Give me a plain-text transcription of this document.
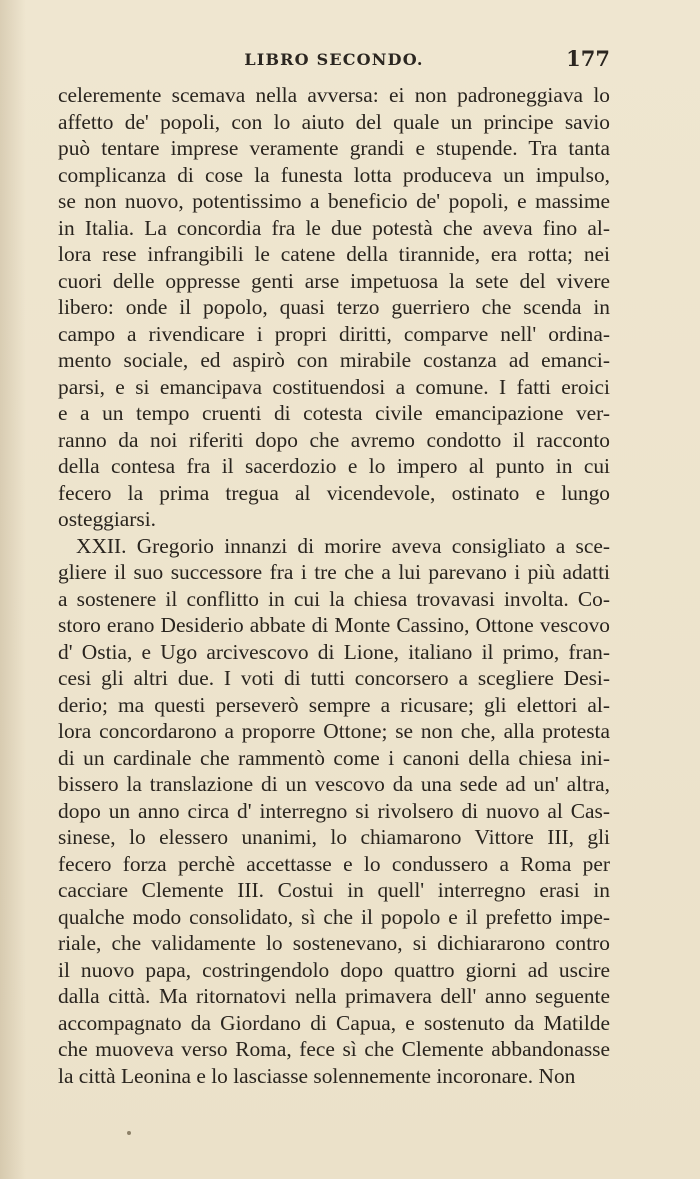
LIBRO SECONDO.	177
celeremente scemava nella avversa: ei non padroneggiava lo
affetto de' popoli, con lo aiuto del quale un principe savio
può tentare imprese veramente grandi e stupende. Tra tanta
complicanza di cose la funesta lotta produceva un impulso,
se non nuovo, potentissimo a beneficio de' popoli, e massime
in Italia. La concordia fra le due potestà che aveva fino al-
lora rese infrangibili le catene della tirannide, era rotta; nei
cuori delle oppresse genti arse impetuosa la sete del vivere
libero: onde il popolo, quasi terzo guerriero che scenda in
campo a rivendicare i propri diritti, comparve nell' ordina-
mento sociale, ed aspirò con mirabile costanza ad emanci-
parsi, e si emancipava costituendosi a comune. I fatti eroici
e a un tempo cruenti di cotesta civile emancipazione ver-
ranno da noi riferiti dopo che avremo condotto il racconto
della contesa fra il sacerdozio e lo impero al punto in cui
fecero la prima tregua al vicendevole, ostinato e lungo
osteggiarsi.
XXII. Gregorio innanzi di morire aveva consigliato a sce-
gliere il suo successore fra i tre che a lui parevano i più adatti
a sostenere il conflitto in cui la chiesa trovavasi involta. Co-
storo erano Desiderio abbate di Monte Cassino, Ottone vescovo
d' Ostia, e Ugo arcivescovo di Lione, italiano il primo, fran-
cesi gli altri due. I voti di tutti concorsero a scegliere Desi-
derio; ma questi perseverò sempre a ricusare; gli elettori al-
lora concordarono a proporre Ottone; se non che, alla protesta
di un cardinale che rammentò come i canoni della chiesa ini-
bissero la translazione di un vescovo da una sede ad un' altra,
dopo un anno circa d' interregno si rivolsero di nuovo al Cas-
sinese, lo elessero unanimi, lo chiamarono Vittore III, gli
fecero forza perchè accettasse e lo condussero a Roma per
cacciare Clemente III. Costui in quell' interregno erasi in
qualche modo consolidato, sì che il popolo e il prefetto impe-
riale, che validamente lo sostenevano, si dichiararono contro
il nuovo papa, costringendolo dopo quattro giorni ad uscire
dalla città. Ma ritornatovi nella primavera dell' anno seguente
accompagnato da Giordano di Capua, e sostenuto da Matilde
che muoveva verso Roma, fece sì che Clemente abbandonasse
la città Leonina e lo lasciasse solennemente incoronare. Non
